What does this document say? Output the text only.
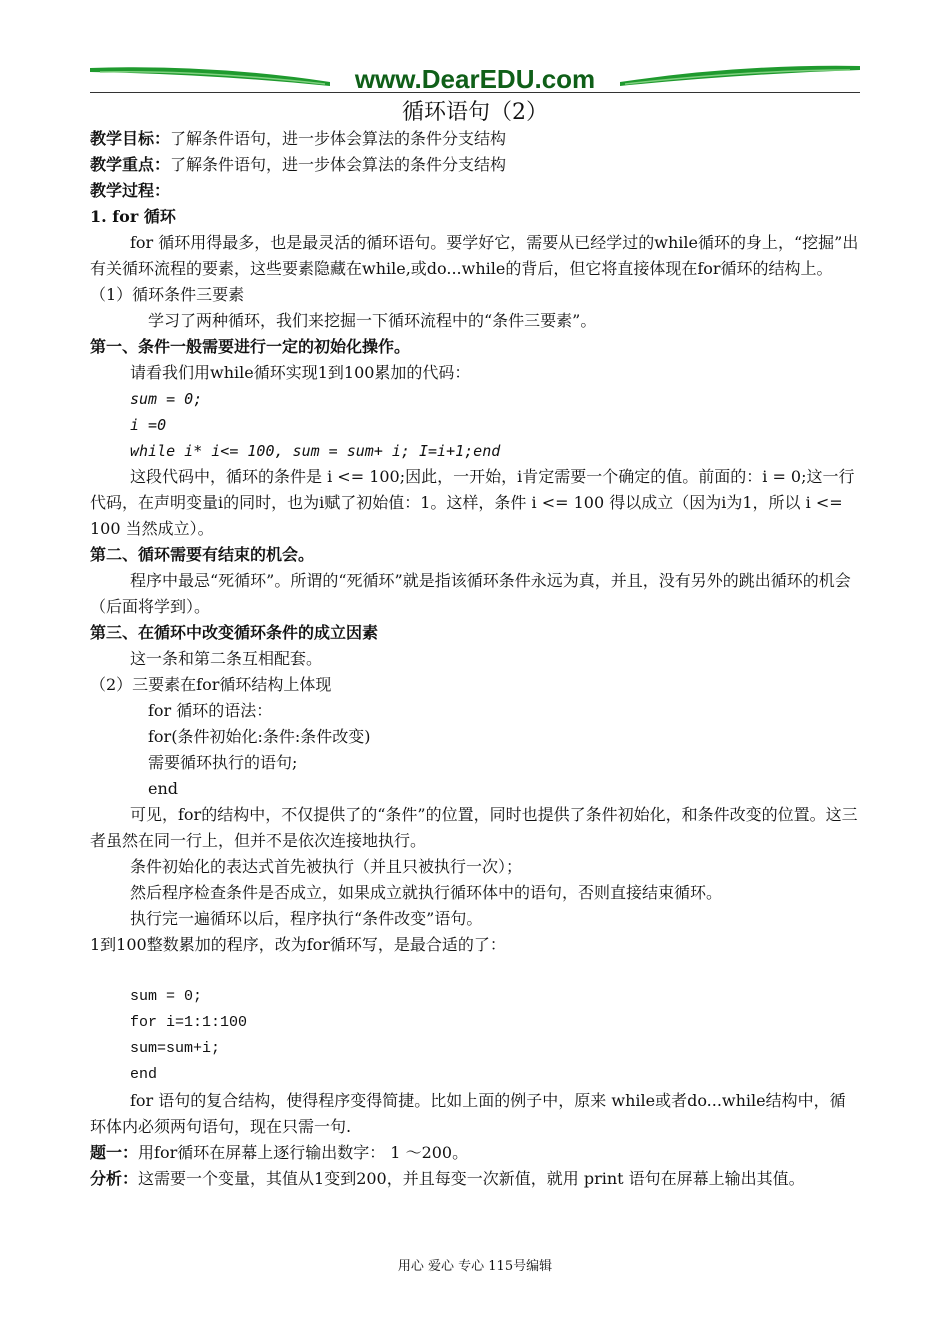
www.DearEDU.com
循环语句（2）

教学目标：了解条件语句，进一步体会算法的条件分支结构

教学重点：了解条件语句，进一步体会算法的条件分支结构

教学过程：

1. for 循环

for 循环用得最多，也是最灵活的循环语句。要学好它，需要从已经学过的while循环的身上，“挖掘”出有关循环流程的要素，这些要素隐藏在while,或do...while的背后，但它将直接体现在for循环的结构上。

（1）循环条件三要素

学习了两种循环，我们来挖掘一下循环流程中的“条件三要素”。

第一、条件一般需要进行一定的初始化操作。

请看我们用while循环实现1到100累加的代码：

sum = 0;

i =0

while i* i<= 100, sum = sum+ i; I=i+1;end

这段代码中，循环的条件是 i <= 100;因此，一开始，i肯定需要一个确定的值。前面的：i = 0;这一行代码，在声明变量i的同时，也为i赋了初始值：1。这样，条件 i <= 100 得以成立（因为i为1，所以 i <= 100 当然成立）。

第二、循环需要有结束的机会。

程序中最忌“死循环”。所谓的“死循环”就是指该循环条件永远为真，并且，没有另外的跳出循环的机会（后面将学到）。

第三、在循环中改变循环条件的成立因素

这一条和第二条互相配套。

（2）三要素在for循环结构上体现

for 循环的语法：

for(条件初始化:条件:条件改变)

需要循环执行的语句;

end

可见，for的结构中，不仅提供了的“条件”的位置，同时也提供了条件初始化，和条件改变的位置。这三者虽然在同一行上，但并不是依次连接地执行。

条件初始化的表达式首先被执行（并且只被执行一次）；

然后程序检查条件是否成立，如果成立就执行循环体中的语句，否则直接结束循环。

执行完一遍循环以后，程序执行“条件改变”语句。

1到100整数累加的程序，改为for循环写，是最合适的了：

sum = 0;

for i=1:1:100

sum=sum+i;

end

for 语句的复合结构，使得程序变得简捷。比如上面的例子中，原来 while或者do...while结构中，循环体内必须两句语句，现在只需一句.

题一：用for循环在屏幕上逐行输出数字： 1 ～200。

分析：这需要一个变量，其值从1变到200，并且每变一次新值，就用 print 语句在屏幕上输出其值。

用心 爱心 专心 115号编辑
